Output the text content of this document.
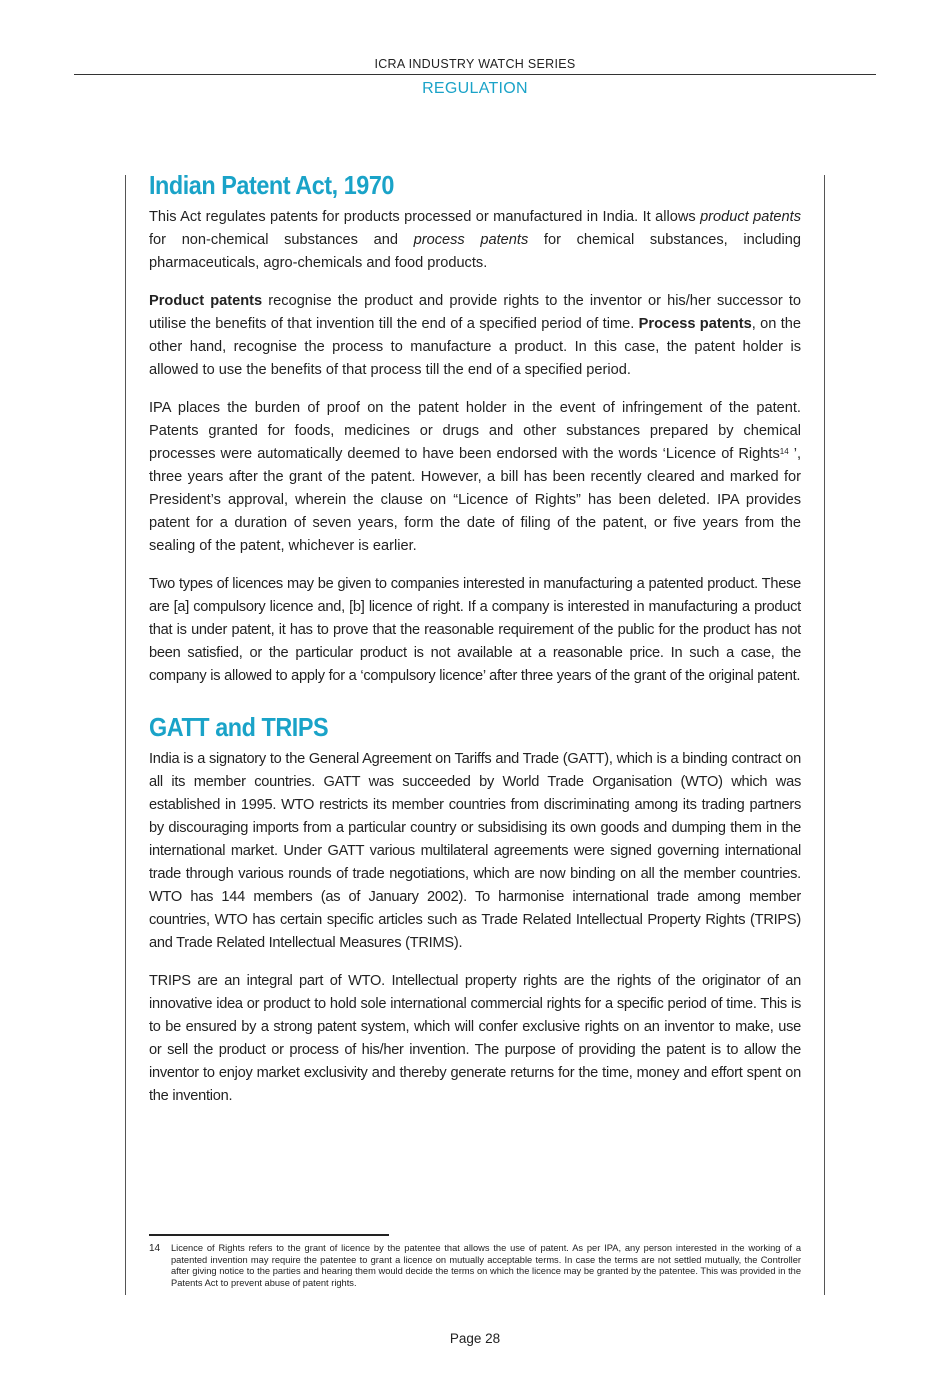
ICRA INDUSTRY WATCH SERIES
REGULATION
Indian Patent Act, 1970

This Act regulates patents for products processed or manufactured in India. It allows product patents for non-chemical substances and process patents for chemical substances, including pharmaceuticals, agro-chemicals and food products.

Product patents recognise the product and provide rights to the inventor or his/her successor to utilise the benefits of that invention till the end of a specified period of time. Process patents, on the other hand, recognise the process to manufacture a product. In this case, the patent holder is allowed to use the benefits of that process till the end of a specified period.

IPA places the burden of proof on the patent holder in the event of infringement of the patent. Patents granted for foods, medicines or drugs and other substances prepared by chemical processes were automatically deemed to have been endorsed with the words ‘Licence of Rights$^{14}$ ’, three years after the grant of the patent. However, a bill has been recently cleared and marked for President’s approval, wherein the clause on “Licence of Rights” has been deleted. IPA provides patent for a duration of seven years, form the date of filing of the patent, or five years from the sealing of the patent, whichever is earlier.

Two types of licences may be given to companies interested in manufacturing a patented product. These are [a] compulsory licence and, [b] licence of right. If a company is interested in manufacturing a product that is under patent, it has to prove that the reasonable requirement of the public for the product has not been satisfied, or the particular product is not available at a reasonable price. In such a case, the company is allowed to apply for a ‘compulsory licence’ after three years of the grant of the original patent.

GATT and TRIPS

India is a signatory to the General Agreement on Tariffs and Trade (GATT), which is a binding contract on all its member countries. GATT was succeeded by World Trade Organisation (WTO) which was established in 1995. WTO restricts its member countries from discriminating among its trading partners by discouraging imports from a particular country or subsidising its own goods and dumping them in the international market. Under GATT various multilateral agreements were signed governing international trade through various rounds of trade negotiations, which are now binding on all the member countries. WTO has 144 members (as of January 2002). To harmonise international trade among member countries, WTO has certain specific articles such as Trade Related Intellectual Property Rights (TRIPS) and Trade Related Intellectual Measures (TRIMS).

TRIPS are an integral part of WTO. Intellectual property rights are the rights of the originator of an innovative idea or product to hold sole international commercial rights for a specific period of time. This is to be ensured by a strong patent system, which will confer exclusive rights on an inventor to make, use or sell the product or process of his/her invention. The purpose of providing the patent is to allow the inventor to enjoy market exclusivity and thereby generate returns for the time, money and effort spent on the invention.

14 Licence of Rights refers to the grant of licence by the patentee that allows the use of patent. As per IPA, any person interested in the working of a patented invention may require the patentee to grant a licence on mutually acceptable terms. In case the terms are not settled mutually, the Controller after giving notice to the parties and hearing them would decide the terms on which the licence may be granted by the patentee. This was provided in the Patents Act to prevent abuse of patent rights.
Page 28
